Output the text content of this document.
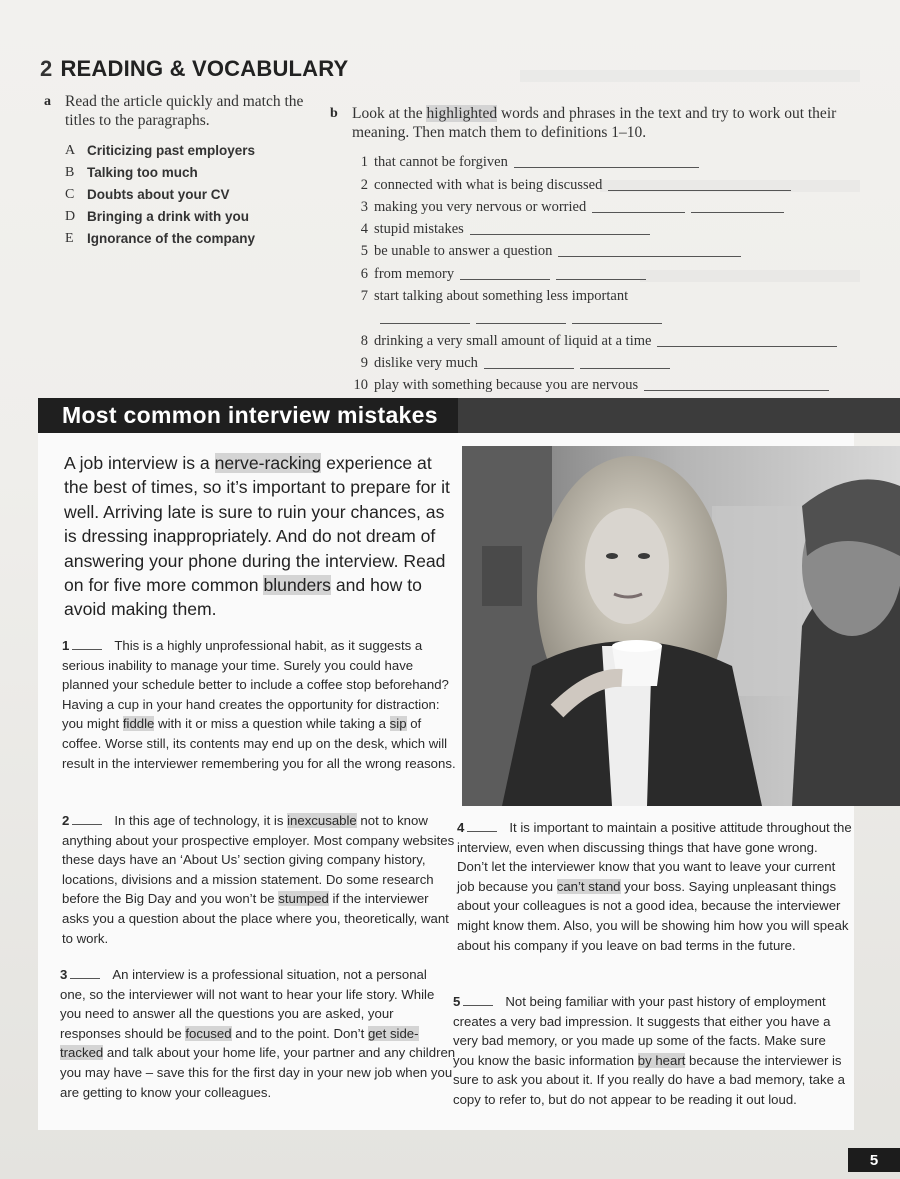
2 READING & VOCABULARY
a Read the article quickly and match the titles to the paragraphs.
A Criticizing past employers
B Talking too much
C Doubts about your CV
D Bringing a drink with you
E Ignorance of the company
b Look at the highlighted words and phrases in the text and try to work out their meaning. Then match them to definitions 1–10.
1 that cannot be forgiven
2 connected with what is being discussed
3 making you very nervous or worried
4 stupid mistakes
5 be unable to answer a question
6 from memory
7 start talking about something less important
8 drinking a very small amount of liquid at a time
9 dislike very much
10 play with something because you are nervous
Most common interview mistakes
A job interview is a nerve-racking experience at the best of times, so it’s important to prepare for it well. Arriving late is sure to ruin your chances, as is dressing inappropriately. And do not dream of answering your phone during the interview. Read on for five more common blunders and how to avoid making them.
1	This is a highly unprofessional habit, as it suggests a serious inability to manage your time. Surely you could have planned your schedule better to include a coffee stop beforehand? Having a cup in your hand creates the opportunity for distraction: you might fiddle with it or miss a question while taking a sip of coffee. Worse still, its contents may end up on the desk, which will result in the interviewer remembering you for all the wrong reasons.
2	In this age of technology, it is inexcusable not to know anything about your prospective employer. Most company websites these days have an ‘About Us’ section giving company history, locations, divisions and a mission statement. Do some research before the Big Day and you won’t be stumped if the interviewer asks you a question about the place where you, theoretically, want to work.
3	An interview is a professional situation, not a personal one, so the interviewer will not want to hear your life story. While you need to answer all the questions you are asked, your responses should be focused and to the point. Don’t get side-tracked and talk about your home life, your partner and any children you may have – save this for the first day in your new job when you are getting to know your colleagues.
4	It is important to maintain a positive attitude throughout the interview, even when discussing things that have gone wrong. Don’t let the interviewer know that you want to leave your current job because you can’t stand your boss. Saying unpleasant things about your colleagues is not a good idea, because the interviewer might know them. Also, you will be showing him how you will speak about his company if you leave on bad terms in the future.
5	Not being familiar with your past history of employment creates a very bad impression. It suggests that either you have a very bad memory, or you made up some of the facts. Make sure you know the basic information by heart because the interviewer is sure to ask you about it. If you really do have a bad memory, take a copy to refer to, but do not appear to be reading it out loud.
5
